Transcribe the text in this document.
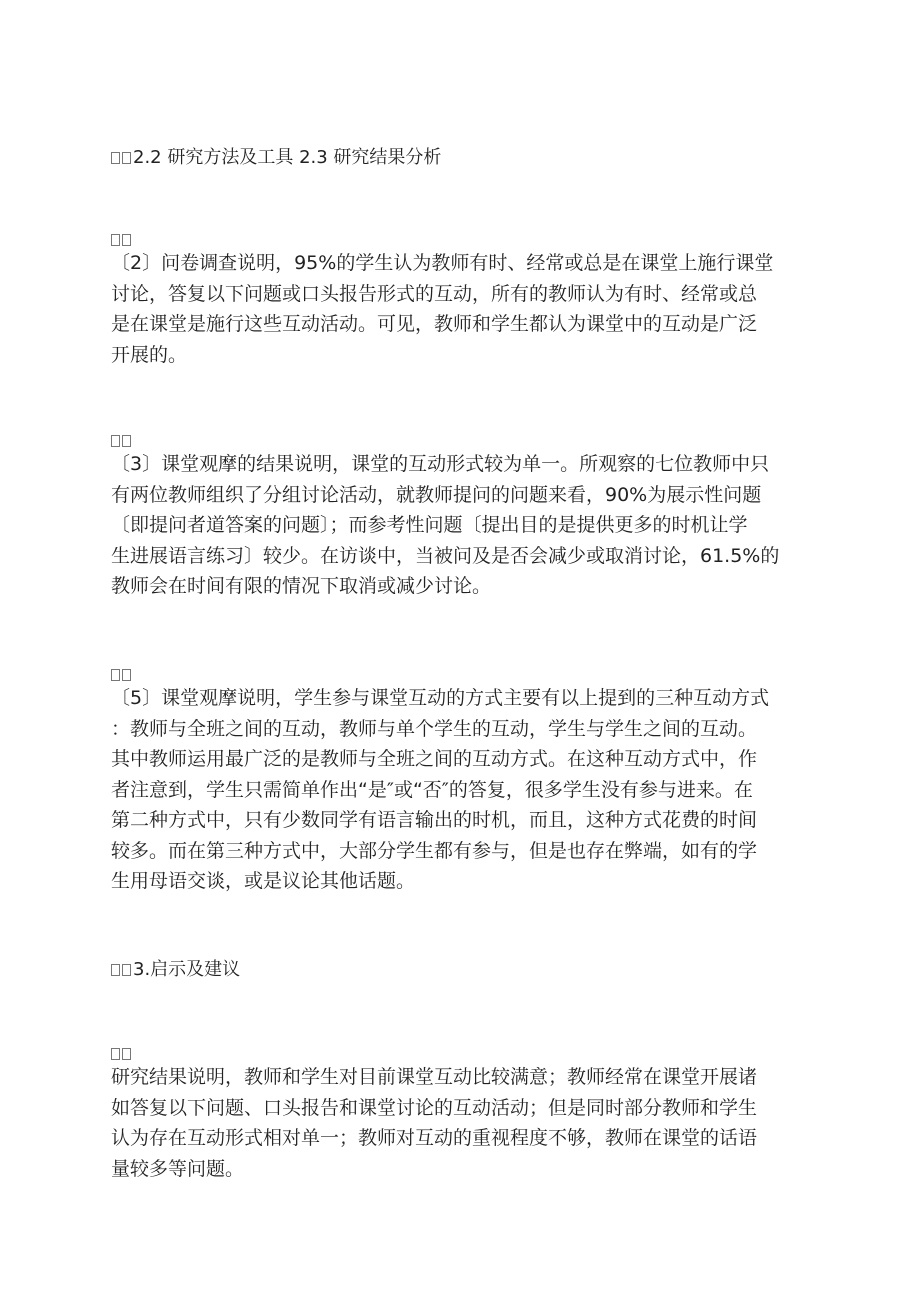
2.2 研究方法及工具 2.3 研究结果分析
〔2〕问卷调查说明，95%的学生认为教师有时、经常或总是在课堂上施行课堂
讨论，答复以下问题或口头报告形式的互动，所有的教师认为有时、经常或总
是在课堂是施行这些互动活动。可见，教师和学生都认为课堂中的互动是广泛
开展的。
〔3〕课堂观摩的结果说明，课堂的互动形式较为单一。所观察的七位教师中只
有两位教师组织了分组讨论活动，就教师提问的问题来看，90%为展示性问题
〔即提问者道答案的问题〕；而参考性问题〔提出目的是提供更多的时机让学
生进展语言练习〕较少。在访谈中，当被问及是否会减少或取消讨论，61.5%的
教师会在时间有限的情况下取消或减少讨论。
〔5〕课堂观摩说明，学生参与课堂互动的方式主要有以上提到的三种互动方式
：教师与全班之间的互动，教师与单个学生的互动，学生与学生之间的互动。
其中教师运用最广泛的是教师与全班之间的互动方式。在这种互动方式中，作
者注意到，学生只需简单作出“是″或“否″的答复，很多学生没有参与进来。在
第二种方式中，只有少数同学有语言输出的时机，而且，这种方式花费的时间
较多。而在第三种方式中，大部分学生都有参与，但是也存在弊端，如有的学
生用母语交谈，或是议论其他话题。
3.启示及建议
研究结果说明，教师和学生对目前课堂互动比较满意；教师经常在课堂开展诸
如答复以下问题、口头报告和课堂讨论的互动活动；但是同时部分教师和学生
认为存在互动形式相对单一；教师对互动的重视程度不够，教师在课堂的话语
量较多等问题。
